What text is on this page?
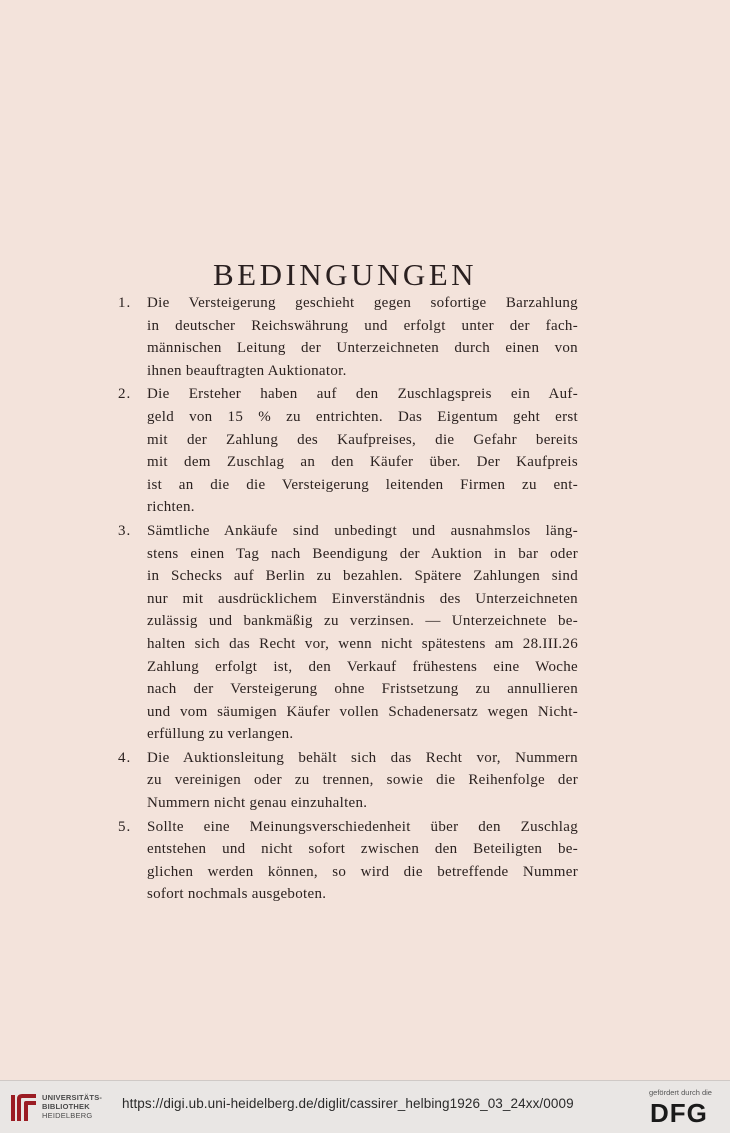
BEDINGUNGEN
1. Die Versteigerung geschieht gegen sofortige Barzahlung
in deutscher Reichswährung und erfolgt unter der fach-
männischen Leitung der Unterzeichneten durch einen von
ihnen beauftragten Auktionator.
2. Die Ersteher haben auf den Zuschlagspreis ein Auf-
geld von 15 % zu entrichten. Das Eigentum geht erst
mit der Zahlung des Kaufpreises, die Gefahr bereits
mit dem Zuschlag an den Käufer über. Der Kaufpreis
ist an die die Versteigerung leitenden Firmen zu ent-
richten.
3. Sämtliche Ankäufe sind unbedingt und ausnahmslos läng-
stens einen Tag nach Beendigung der Auktion in bar oder
in Schecks auf Berlin zu bezahlen. Spätere Zahlungen sind
nur mit ausdrücklichem Einverständnis des Unterzeichneten
zulässig und bankmäßig zu verzinsen. — Unterzeichnete be-
halten sich das Recht vor, wenn nicht spätestens am 28.III.26
Zahlung erfolgt ist, den Verkauf frühestens eine Woche
nach der Versteigerung ohne Fristsetzung zu annullieren
und vom säumigen Käufer vollen Schadenersatz wegen Nicht-
erfüllung zu verlangen.
4. Die Auktionsleitung behält sich das Recht vor, Nummern
zu vereinigen oder zu trennen, sowie die Reihenfolge der
Nummern nicht genau einzuhalten.
5. Sollte eine Meinungsverschiedenheit über den Zuschlag
entstehen und nicht sofort zwischen den Beteiligten be-
glichen werden können, so wird die betreffende Nummer
sofort nochmals ausgeboten.
UNIVERSITÄTS-
BIBLIOTHEK
HEIDELBERG
https://digi.ub.uni-heidelberg.de/diglit/cassirer_helbing1926_03_24xx/0009
gefördert durch die
DFG
